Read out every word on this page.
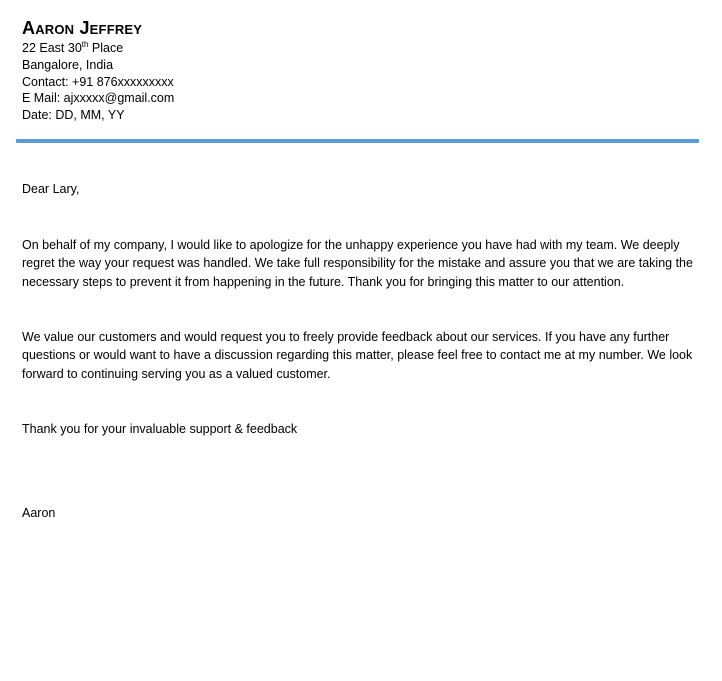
Aaron Jeffrey

22 East 30th Place

Bangalore, India

Contact: +91 876xxxxxxxxx

E Mail: ajxxxxx@gmail.com

Date: DD, MM, YY

Dear Lary,

On behalf of my company, I would like to apologize for the unhappy experience you have had with my team. We deeply regret the way your request was handled. We take full responsibility for the mistake and assure you that we are taking the necessary steps to prevent it from happening in the future. Thank you for bringing this matter to our attention.

We value our customers and would request you to freely provide feedback about our services. If you have any further questions or would want to have a discussion regarding this matter, please feel free to contact me at my number. We look forward to continuing serving you as a valued customer.

Thank you for your invaluable support & feedback

Aaron
